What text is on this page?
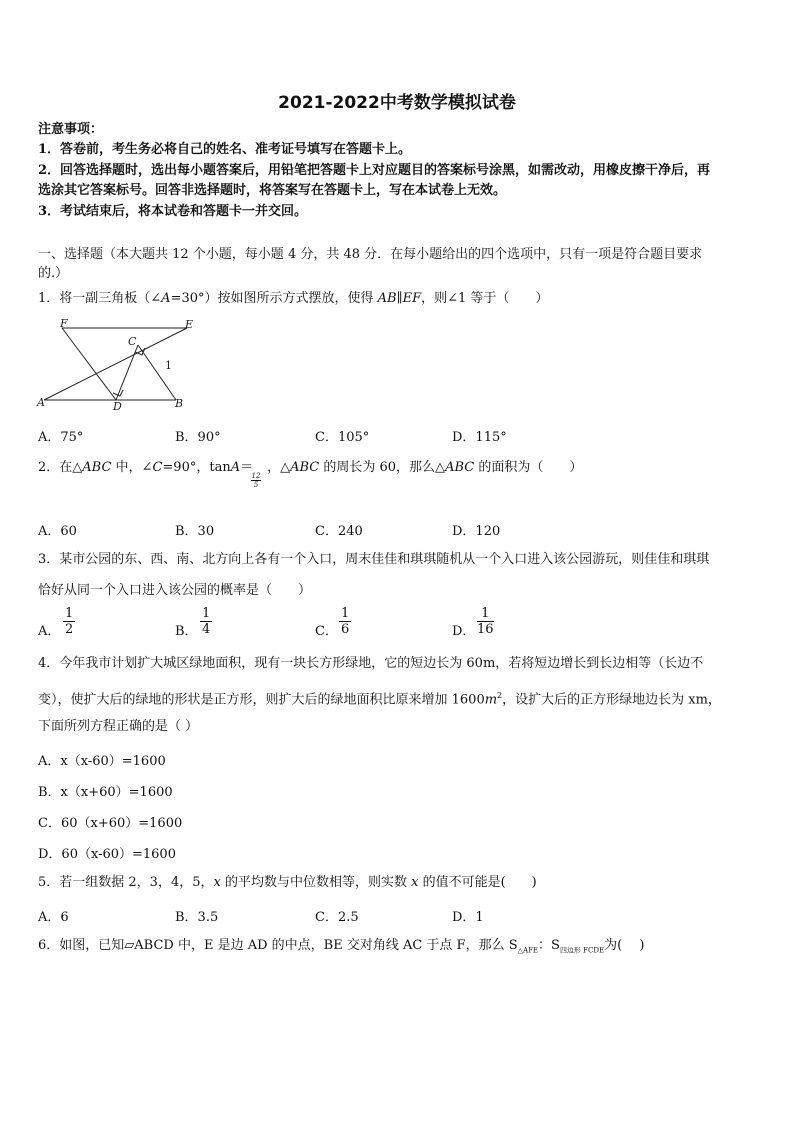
2021-2022中考数学模拟试卷
注意事项：
1．答卷前，考生务必将自己的姓名、准考证号填写在答题卡上。
2．回答选择题时，选出每小题答案后，用铅笔把答题卡上对应题目的答案标号涂黑，如需改动，用橡皮擦干净后，再
选涂其它答案标号。回答非选择题时，将答案写在答题卡上，写在本试卷上无效。
3．考试结束后，将本试卷和答题卡一并交回。
一、选择题（本大题共 12 个小题，每小题 4 分，共 48 分．在每小题给出的四个选项中，只有一项是符合题目要求
的.）
1．将一副三角板（∠A=30°）按如图所示方式摆放，使得 AB∥EF，则∠1 等于（　　）
F	E
C
A	D	B
1
A．75°	B．90°	C．105°	D．115°
2．在△ABC 中，∠C=90°，tanA＝ ，△ABC 的周长为 60，那么△ABC 的面积为（　　）
12
5
A．60	B．30	C．240	D．120
3．某市公园的东、西、南、北方向上各有一个入口，周末佳佳和琪琪随机从一个入口进入该公园游玩，则佳佳和琪琪
恰好从同一个入口进入该公园的概率是（　　）
A． $\frac{1}{2}$	B． $\frac{1}{4}$	C． $\frac{1}{6}$	D． $\frac{1}{16}$
4．今年我市计划扩大城区绿地面积，现有一块长方形绿地，它的短边长为 60m，若将短边增长到长边相等（长边不
变），使扩大后的绿地的形状是正方形，则扩大后的绿地面积比原来增加 $1600m^2$，设扩大后的正方形绿地边长为 xm，
下面所列方程正确的是（ ）
A．x（x-60）=1600
B．x（x+60）=1600
C．60（x+60）=1600
D．60（x-60）=1600
5．若一组数据 2，3，4，5，x 的平均数与中位数相等，则实数 x 的值不可能是(　　)
A．6	B．3.5	C．2.5	D．1
6．如图，已知▱ABCD 中，E 是边 AD 的中点，BE 交对角线 AC 于点 F，那么 $S_{\triangle AFE}$：$S_{四边形 FCDE}$为(　 )
